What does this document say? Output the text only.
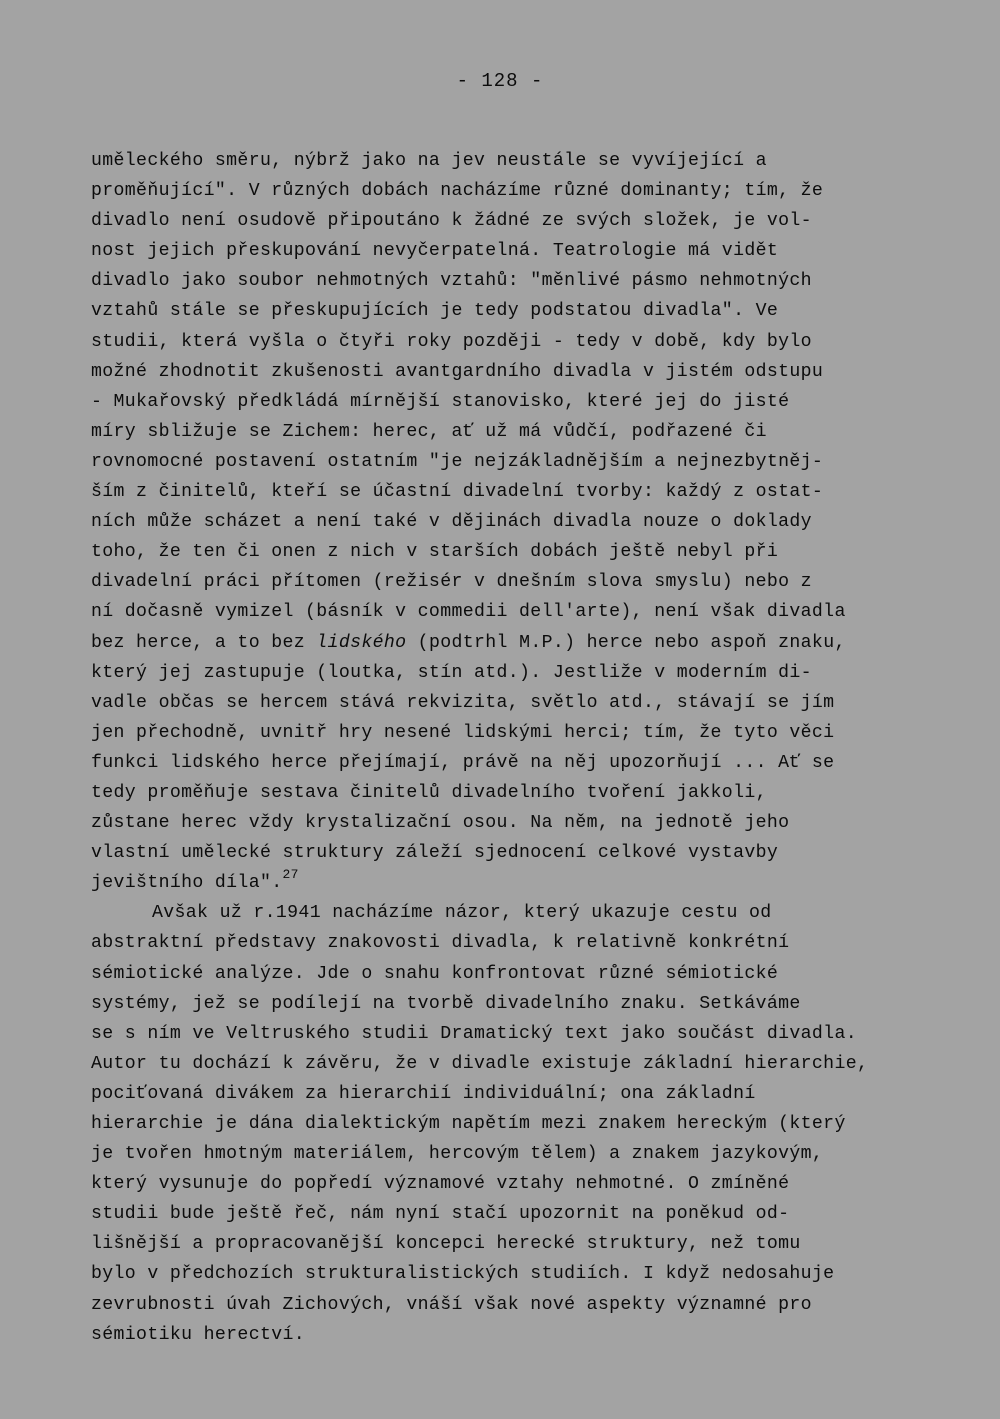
- 128 -
uměleckého směru, nýbrž jako na jev neustále se vyvíjející a
proměňující". V různých dobách nacházíme různé dominanty; tím, že
divadlo není osudově připoutáno k žádné ze svých složek, je vol-
nost jejich přeskupování nevyčerpatelná. Teatrologie má vidět
divadlo jako soubor nehmotných vztahů: "měnlivé pásmo nehmotných
vztahů stále se přeskupujících je tedy podstatou divadla". Ve
studii, která vyšla o čtyři roky později - tedy v době, kdy bylo
možné zhodnotit zkušenosti avantgardního divadla v jistém odstupu
- Mukařovský předkládá mírnější stanovisko, které jej do jisté
míry sbližuje se Zichem: herec, ať už má vůdčí, podřazené či
rovnomocné postavení ostatním "je nejzákladnějším a nejnezbytněj-
ším z činitelů, kteří se účastní divadelní tvorby: každý z ostat-
ních může scházet a není také v dějinách divadla nouze o doklady
toho, že ten či onen z nich v starších dobách ještě nebyl při
divadelní práci přítomen (režisér v dnešním slova smyslu) nebo z
ní dočasně vymizel (básník v commedii dell'arte), není však divadla
bez herce, a to bez lidského (podtrhl M.P.) herce nebo aspoň znaku,
který jej zastupuje (loutka, stín atd.). Jestliže v moderním di-
vadle občas se hercem stává rekvizita, světlo atd., stávají se jím
jen přechodně, uvnitř hry nesené lidskými herci; tím, že tyto věci
funkci lidského herce přejímají, právě na něj upozorňují ... Ať se
tedy proměňuje sestava činitelů divadelního tvoření jakkoli,
zůstane herec vždy krystalizační osou. Na něm, na jednotě jeho
vlastní umělecké struktury záleží sjednocení celkové vystavby
jevištního díla".$^{27}$
Avšak už r.1941 nacházíme názor, který ukazuje cestu od
abstraktní představy znakovosti divadla, k relativně konkrétní
sémiotické analýze. Jde o snahu konfrontovat různé sémiotické
systémy, jež se podílejí na tvorbě divadelního znaku. Setkáváme
se s ním ve Veltruského studii Dramatický text jako součást divadla.
Autor tu dochází k závěru, že v divadle existuje základní hierarchie,
pociťovaná divákem za hierarchií individuální; ona základní
hierarchie je dána dialektickým napětím mezi znakem hereckým (který
je tvořen hmotným materiálem, hercovým tělem) a znakem jazykovým,
který vysunuje do popředí významové vztahy nehmotné. O zmíněné
studii bude ještě řeč, nám nyní stačí upozornit na poněkud od-
lišnější a propracovanější koncepci herecké struktury, než tomu
bylo v předchozích strukturalistických studiích. I když nedosahuje
zevrubnosti úvah Zichových, vnáší však nové aspekty významné pro
sémiotiku herectví.
